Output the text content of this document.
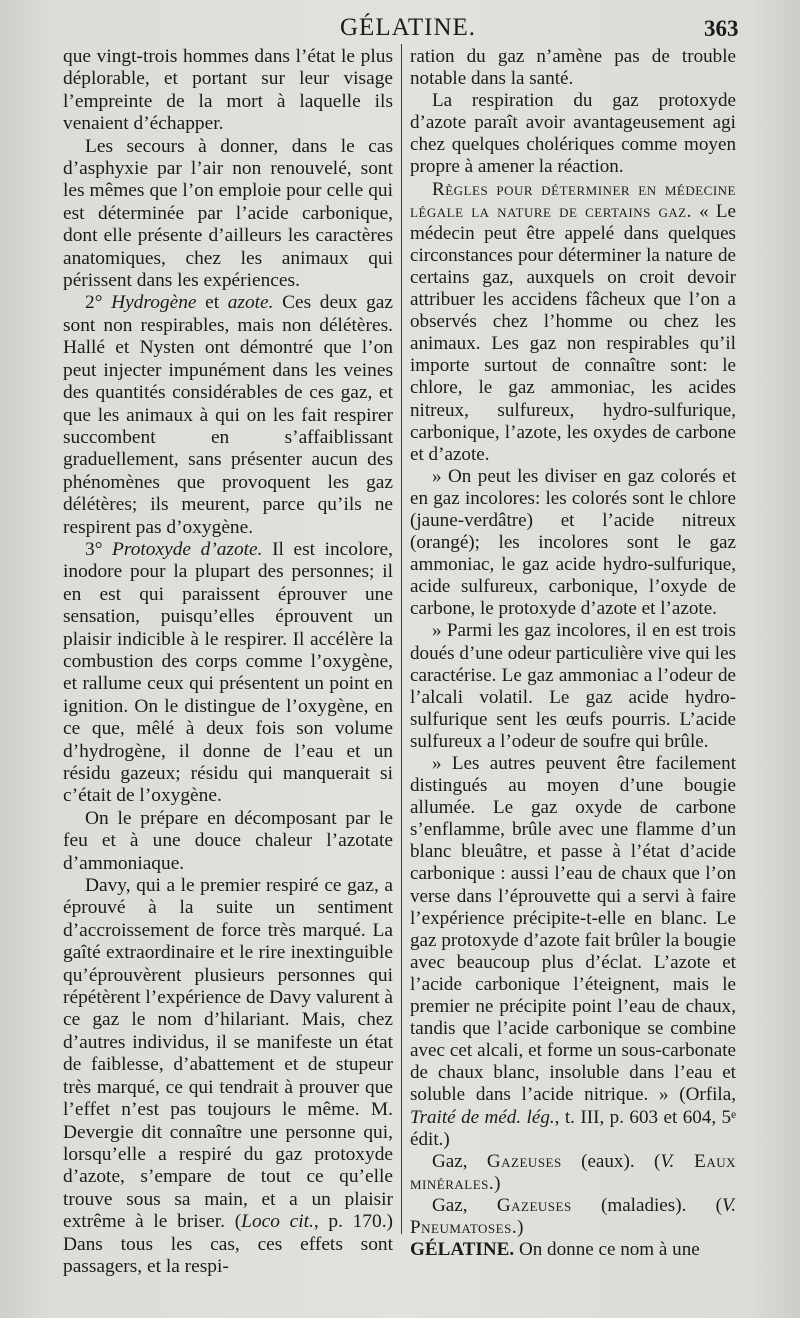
GÉLATINE.	363

que vingt-trois hommes dans l’état le plus déplorable, et portant sur leur visage l’empreinte de la mort à laquelle ils venaient d’échapper.

Les secours à donner, dans le cas d’asphyxie par l’air non renouvelé, sont les mêmes que l’on emploie pour celle qui est déterminée par l’acide carbonique, dont elle présente d’ailleurs les caractères anatomiques, chez les animaux qui périssent dans les expériences.

2° Hydrogène et azote. Ces deux gaz sont non respirables, mais non délétères. Hallé et Nysten ont démontré que l’on peut injecter impunément dans les veines des quantités considérables de ces gaz, et que les animaux à qui on les fait respirer succombent en s’affaiblissant graduellement, sans présenter aucun des phénomènes que provoquent les gaz délétères; ils meurent, parce qu’ils ne respirent pas d’oxygène.

3° Protoxyde d’azote. Il est incolore, inodore pour la plupart des personnes; il en est qui paraissent éprouver une sensation, puisqu’elles éprouvent un plaisir indicible à le respirer. Il accélère la combustion des corps comme l’oxygène, et rallume ceux qui présentent un point en ignition. On le distingue de l’oxygène, en ce que, mêlé à deux fois son volume d’hydrogène, il donne de l’eau et un résidu gazeux; résidu qui manquerait si c’était de l’oxygène.

On le prépare en décomposant par le feu et à une douce chaleur l’azotate d’ammoniaque.

Davy, qui a le premier respiré ce gaz, a éprouvé à la suite un sentiment d’accroissement de force très marqué. La gaîté extraordinaire et le rire inextinguible qu’éprouvèrent plusieurs personnes qui répétèrent l’expérience de Davy valurent à ce gaz le nom d’hilariant. Mais, chez d’autres individus, il se manifeste un état de faiblesse, d’abattement et de stupeur très marqué, ce qui tendrait à prouver que l’effet n’est pas toujours le même. M. Devergie dit connaître une personne qui, lorsqu’elle a respiré du gaz protoxyde d’azote, s’empare de tout ce qu’elle trouve sous sa main, et a un plaisir extrême à le briser. (Loco cit., p. 170.) Dans tous les cas, ces effets sont passagers, et la respi-

ration du gaz n’amène pas de trouble notable dans la santé.

La respiration du gaz protoxyde d’azote paraît avoir avantageusement agi chez quelques cholériques comme moyen propre à amener la réaction.

Règles pour déterminer en médecine légale la nature de certains gaz. « Le médecin peut être appelé dans quelques circonstances pour déterminer la nature de certains gaz, auxquels on croit devoir attribuer les accidens fâcheux que l’on a observés chez l’homme ou chez les animaux. Les gaz non respirables qu’il importe surtout de connaître sont: le chlore, le gaz ammoniac, les acides nitreux, sulfureux, hydro-sulfurique, carbonique, l’azote, les oxydes de carbone et d’azote.

» On peut les diviser en gaz colorés et en gaz incolores: les colorés sont le chlore (jaune-verdâtre) et l’acide nitreux (orangé); les incolores sont le gaz ammoniac, le gaz acide hydro-sulfurique, acide sulfureux, carbonique, l’oxyde de carbone, le protoxyde d’azote et l’azote.

» Parmi les gaz incolores, il en est trois doués d’une odeur particulière vive qui les caractérise. Le gaz ammoniac a l’odeur de l’alcali volatil. Le gaz acide hydro-sulfurique sent les œufs pourris. L’acide sulfureux a l’odeur de soufre qui brûle.

» Les autres peuvent être facilement distingués au moyen d’une bougie allumée. Le gaz oxyde de carbone s’enflamme, brûle avec une flamme d’un blanc bleuâtre, et passe à l’état d’acide carbonique : aussi l’eau de chaux que l’on verse dans l’éprouvette qui a servi à faire l’expérience précipite-t-elle en blanc. Le gaz protoxyde d’azote fait brûler la bougie avec beaucoup plus d’éclat. L’azote et l’acide carbonique l’éteignent, mais le premier ne précipite point l’eau de chaux, tandis que l’acide carbonique se combine avec cet alcali, et forme un sous-carbonate de chaux blanc, insoluble dans l’eau et soluble dans l’acide nitrique. » (Orfila, Traité de méd. lég., t. III, p. 603 et 604, 5ᵉ édit.)

Gaz, Gazeuses (eaux). (V. Eaux minérales.)

Gaz, Gazeuses (maladies). (V. Pneumatoses.)

GÉLATINE. On donne ce nom à une
